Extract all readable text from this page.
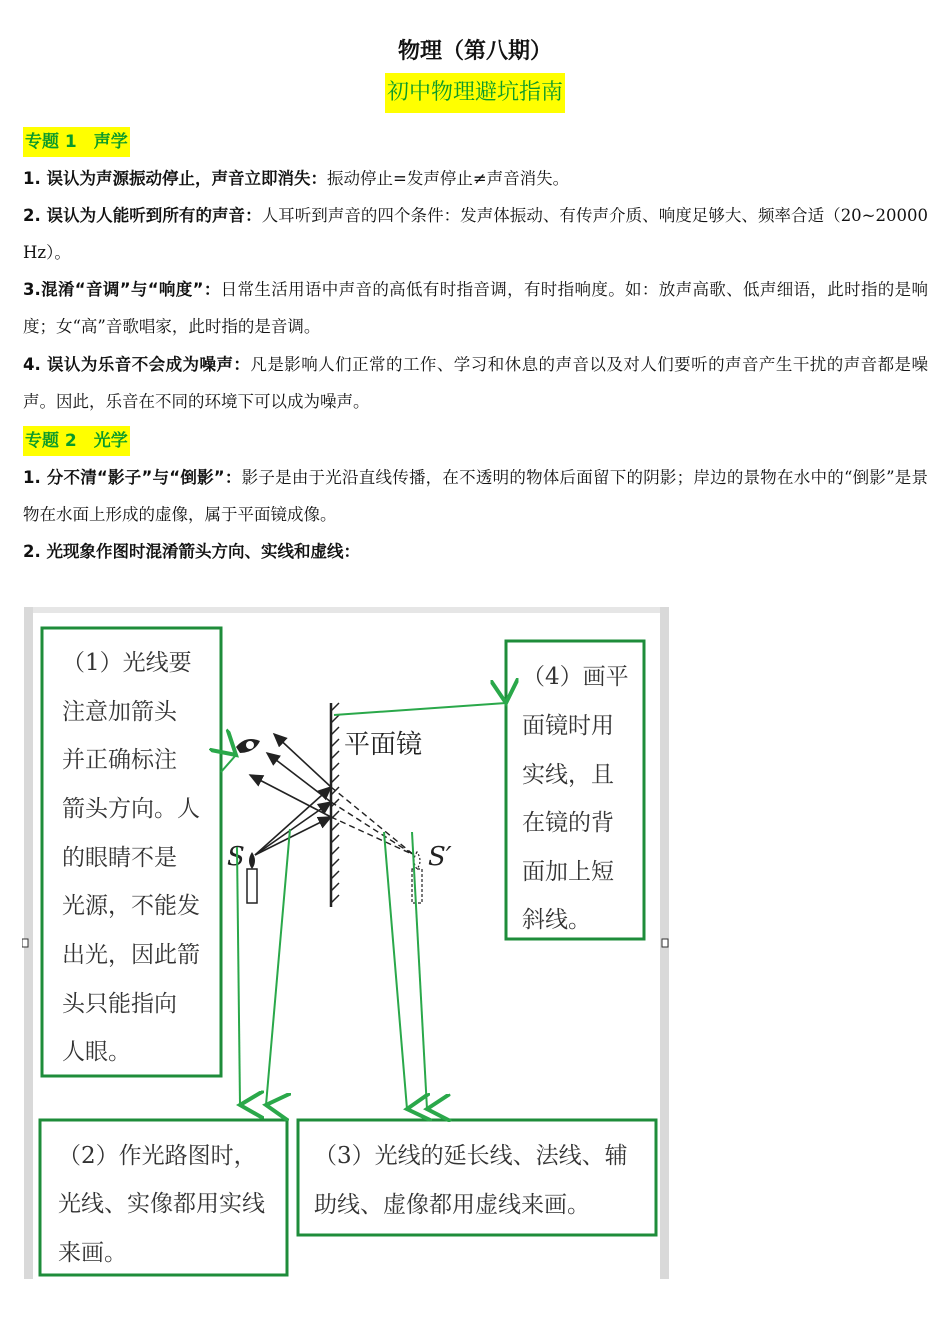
物理（第八期）
初中物理避坑指南
专题 1　声学
1. 误认为声源振动停止，声音立即消失：振动停止=发声停止≠声音消失。
2. 误认为人能听到所有的声音：人耳听到声音的四个条件：发声体振动、有传声介质、响度足够大、频率合适（20~20000 Hz）。
3.混淆“音调”与“响度”：日常生活用语中声音的高低有时指音调，有时指响度。如：放声高歌、低声细语，此时指的是响度；女“高”音歌唱家，此时指的是音调。
4. 误认为乐音不会成为噪声：凡是影响人们正常的工作、学习和休息的声音以及对人们要听的声音产生干扰的声音都是噪声。因此，乐音在不同的环境下可以成为噪声。
专题 2　光学
1. 分不清“影子”与“倒影”：影子是由于光沿直线传播，在不透明的物体后面留下的阴影；岸边的景物在水中的“倒影”是景物在水面上形成的虚像，属于平面镜成像。
2. 光现象作图时混淆箭头方向、实线和虚线：
（1）光线要
注意加箭头
并正确标注
箭头方向。人
的眼睛不是
光源，不能发
出光，因此箭
头只能指向
人眼。
（4）画平
面镜时用
实线，且
在镜的背
面加上短
斜线。
（2）作光路图时，
光线、实像都用实线
来画。
（3）光线的延长线、法线、辅
助线、虚像都用虚线来画。
平面镜
S	S′
